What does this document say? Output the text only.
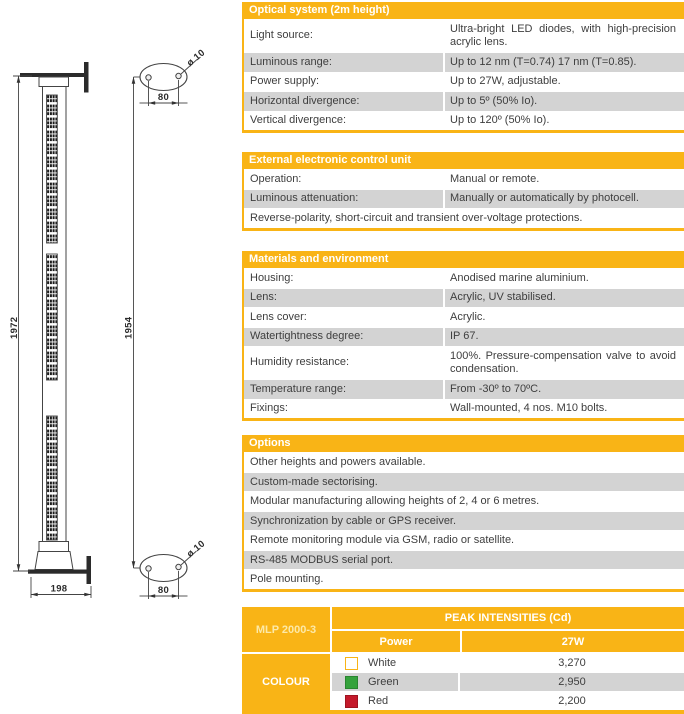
1972	1954
ø 10
80
ø 10
80
198
Optical system (2m height)
Light source:
Ultra-bright LED diodes, with high-precision acrylic lens.
Luminous range:	Up to 12 nm (T=0.74) 17 nm (T=0.85).
Power supply:	Up to 27W, adjustable.
Horizontal divergence:	Up to 5º (50% Io).
Vertical divergence:	Up to 120º (50% Io).
External electronic control unit
Operation:	Manual or remote.
Luminous attenuation:	Manually or automatically by photocell.
Reverse-polarity, short-circuit and transient over-voltage protections.
Materials and environment
Housing:	Anodised marine aluminium.
Lens:	Acrylic, UV stabilised.
Lens cover:	Acrylic.
Watertightness degree:	IP 67.
Humidity resistance:
100%. Pressure-compensation valve to avoid condensation.
Temperature range:	From -30º to 70ºC.
Fixings:	Wall-mounted, 4 nos. M10 bolts.
Options
Other heights and powers available.
Custom-made sectorising.
Modular manufacturing allowing heights of 2, 4 or 6 metres.
Synchronization by cable or GPS receiver.
Remote monitoring module via GSM, radio or satellite.
RS-485 MODBUS serial port.
Pole mounting.
MLP 2000-3
COLOUR
PEAK INTENSITIES (Cd)
Power	27W
White	3,270
Green	2,950
Red	2,200
